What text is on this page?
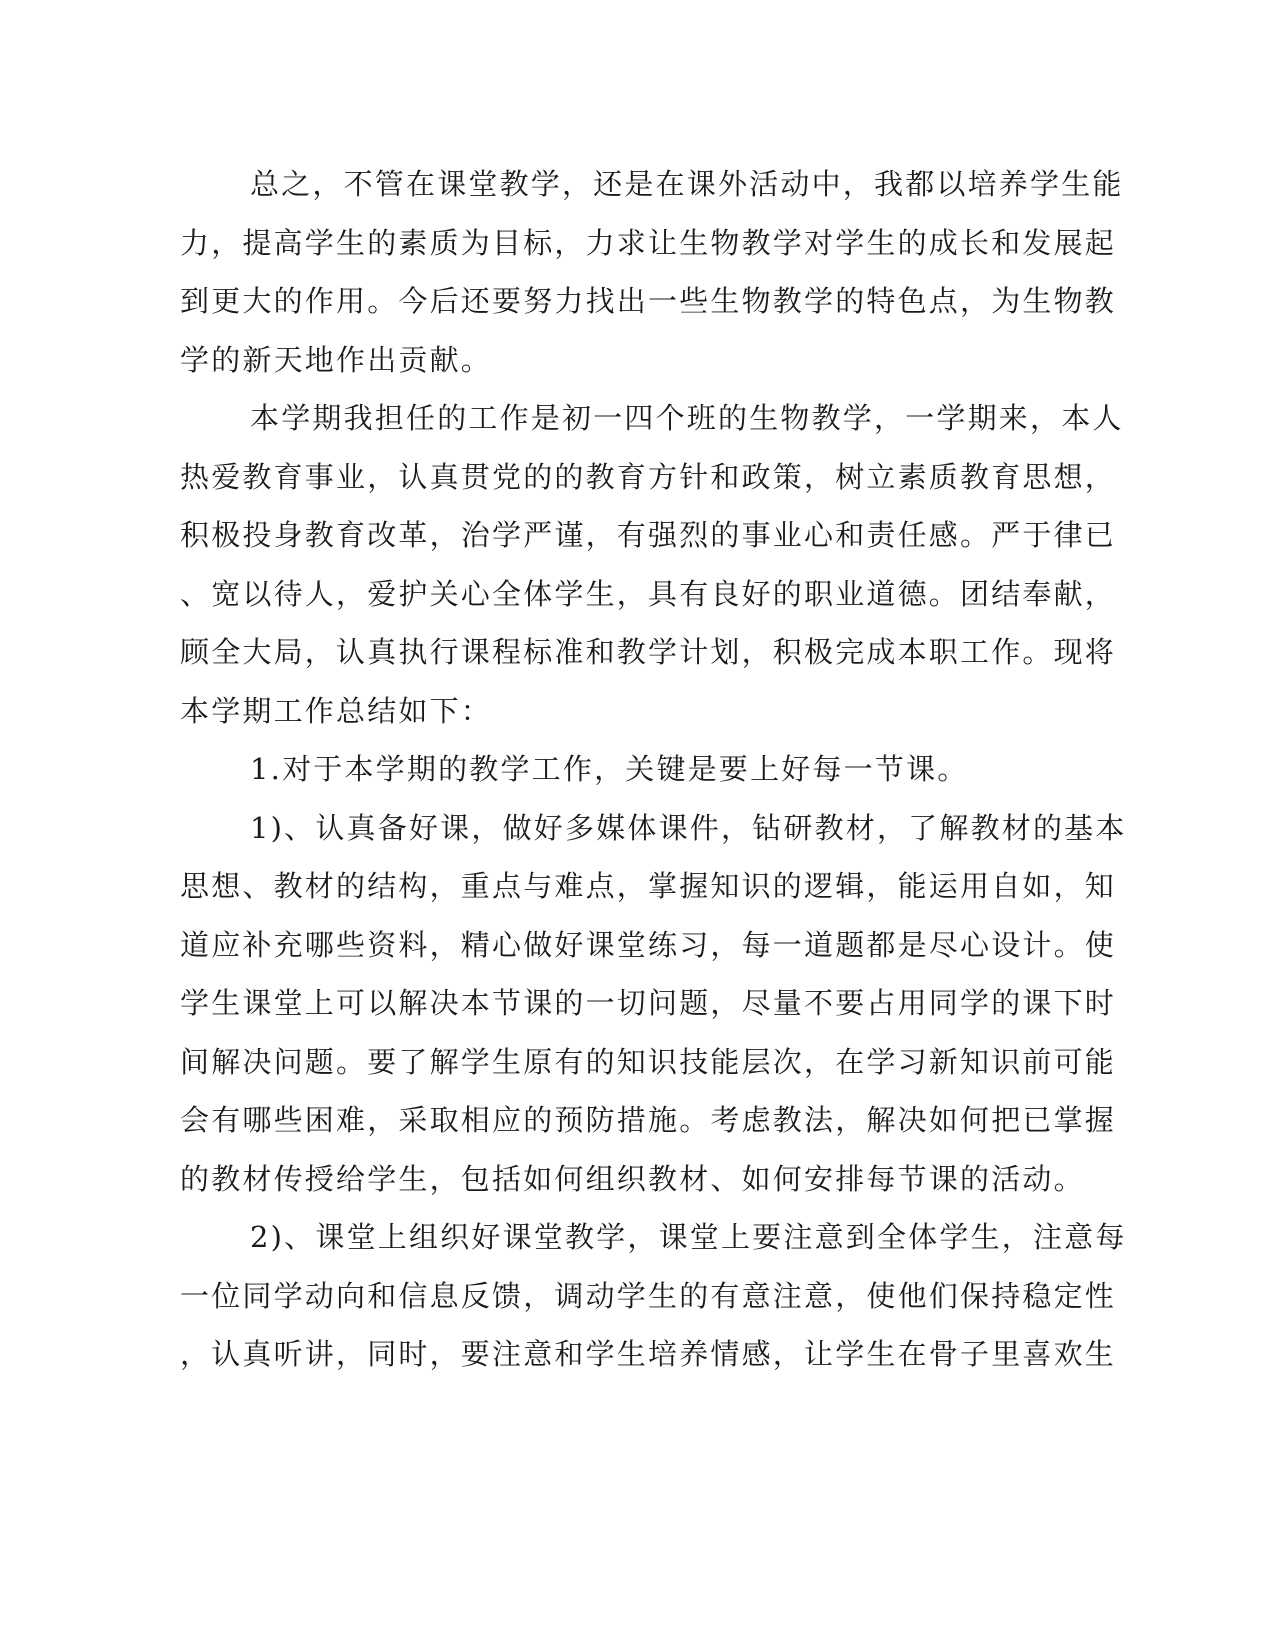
总之，不管在课堂教学，还是在课外活动中，我都以培养学生能
力，提高学生的素质为目标，力求让生物教学对学生的成长和发展起
到更大的作用。今后还要努力找出一些生物教学的特色点，为生物教
学的新天地作出贡献。
本学期我担任的工作是初一四个班的生物教学，一学期来，本人
热爱教育事业，认真贯党的的教育方针和政策，树立素质教育思想，
积极投身教育改革，治学严谨，有强烈的事业心和责任感。严于律已
、宽以待人，爱护关心全体学生，具有良好的职业道德。团结奉献，
顾全大局，认真执行课程标准和教学计划，积极完成本职工作。现将
本学期工作总结如下：
1.对于本学期的教学工作，关键是要上好每一节课。
1)、认真备好课，做好多媒体课件，钻研教材，了解教材的基本
思想、教材的结构，重点与难点，掌握知识的逻辑，能运用自如，知
道应补充哪些资料，精心做好课堂练习，每一道题都是尽心设计。使
学生课堂上可以解决本节课的一切问题，尽量不要占用同学的课下时
间解决问题。要了解学生原有的知识技能层次，在学习新知识前可能
会有哪些困难，采取相应的预防措施。考虑教法，解决如何把已掌握
的教材传授给学生，包括如何组织教材、如何安排每节课的活动。
2)、课堂上组织好课堂教学，课堂上要注意到全体学生，注意每
一位同学动向和信息反馈，调动学生的有意注意，使他们保持稳定性
，认真听讲，同时，要注意和学生培养情感，让学生在骨子里喜欢生
